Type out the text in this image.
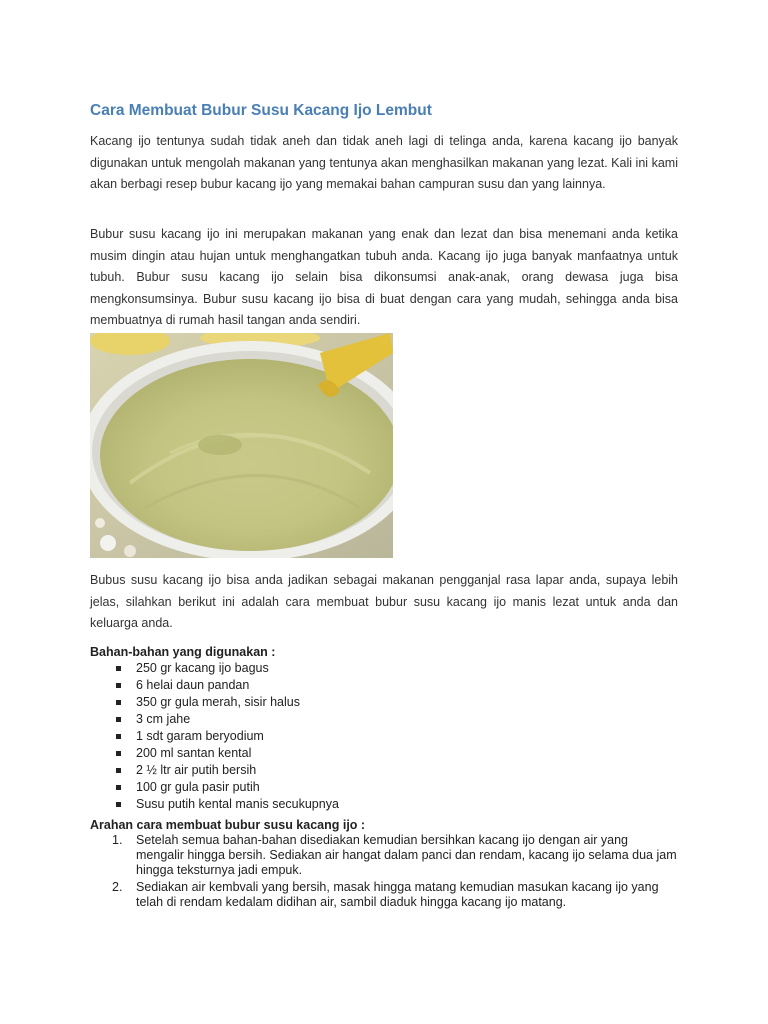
Cara Membuat Bubur Susu Kacang Ijo Lembut

Kacang ijo tentunya sudah tidak aneh dan tidak aneh lagi di telinga anda, karena kacang ijo banyak digunakan untuk mengolah makanan yang tentunya akan menghasilkan makanan yang lezat. Kali ini kami akan berbagi resep bubur kacang ijo yang memakai bahan campuran susu dan yang lainnya.

Bubur susu kacang ijo ini merupakan makanan yang enak dan lezat dan bisa menemani anda ketika musim dingin atau hujan untuk menghangatkan tubuh anda. Kacang ijo juga banyak manfaatnya untuk tubuh. Bubur susu kacang ijo selain bisa dikonsumsi anak-anak, orang dewasa juga bisa mengkonsumsinya. Bubur susu kacang ijo bisa di buat dengan cara yang mudah, sehingga anda bisa membuatnya di rumah hasil tangan anda sendiri.

Bubus susu kacang ijo bisa anda jadikan sebagai makanan pengganjal rasa lapar anda, supaya lebih jelas, silahkan berikut ini adalah cara membuat bubur susu kacang ijo manis lezat untuk anda dan keluarga anda.

Bahan-bahan yang digunakan :
250 gr kacang ijo bagus
6 helai daun pandan
350 gr gula merah, sisir halus
3 cm jahe
1 sdt garam beryodium
200 ml santan kental
2 ½ ltr air putih bersih
100 gr gula pasir putih
Susu putih kental manis secukupnya
Arahan cara membuat bubur susu kacang ijo :
1. Setelah semua bahan-bahan disediakan kemudian bersihkan kacang ijo dengan air yang mengalir hingga bersih. Sediakan air hangat dalam panci dan rendam, kacang ijo selama dua jam hingga teksturnya jadi empuk.
2. Sediakan air kembvali yang bersih, masak hingga matang kemudian masukan kacang ijo yang telah di rendam kedalam didihan air, sambil diaduk hingga kacang ijo matang.
